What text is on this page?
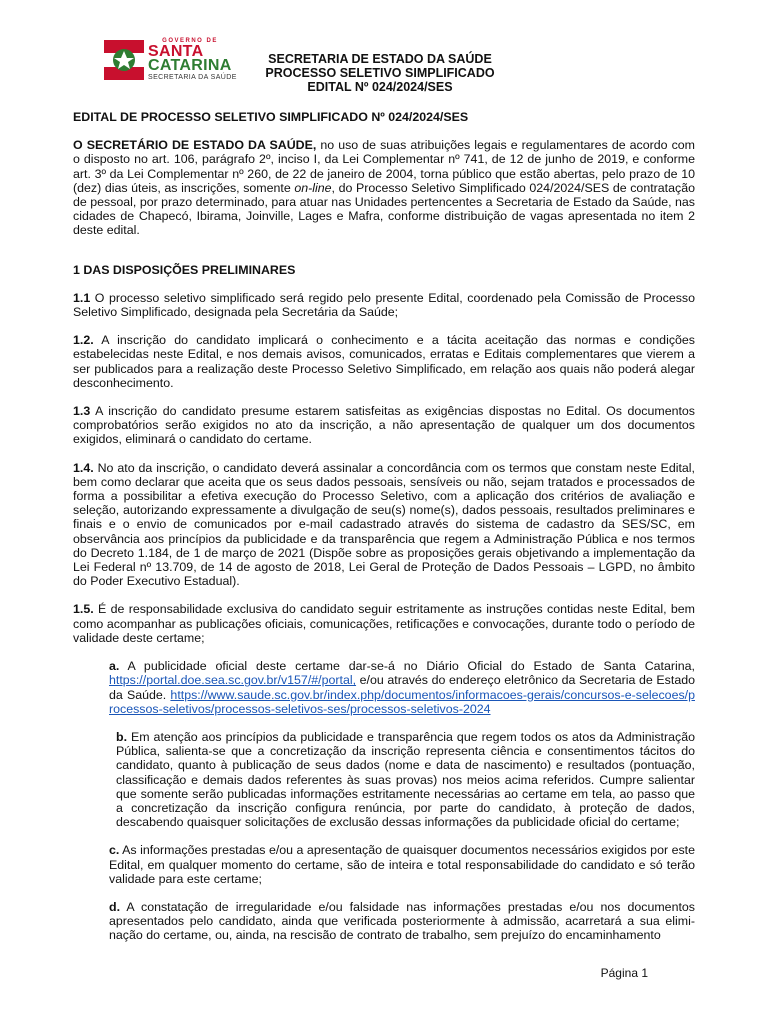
GOVERNO DE
SANTA
CATARINA
SECRETARIA DA SAÚDE
SECRETARIA DE ESTADO DA SAÚDE
PROCESSO SELETIVO SIMPLIFICADO
EDITAL Nº 024/2024/SES

EDITAL DE PROCESSO SELETIVO SIMPLIFICADO Nº 024/2024/SES

O SECRETÁRIO DE ESTADO DA SAÚDE, no uso de suas atribuições legais e regulamentares de acordo com o disposto no art. 106, parágrafo 2º, inciso I, da Lei Complementar nº 741, de 12 de junho de 2019, e conforme art. 3º da Lei Complementar nº 260, de 22 de janeiro de 2004, torna público que estão abertas, pelo prazo de 10 (dez) dias úteis, as inscrições, somente on-line, do Processo Seletivo Simplificado 024/2024/SES de contratação de pessoal, por prazo determinado, para atuar nas Unidades pertencentes a Secretaria de Estado da Saúde, nas cidades de Chapecó, Ibirama, Joinville, Lages e Mafra, conforme distribuição de vagas apresentada no item 2 deste edital.

1 DAS DISPOSIÇÕES PRELIMINARES

1.1 O processo seletivo simplificado será regido pelo presente Edital, coordenado pela Comissão de Processo Seletivo Simplificado, designada pela Secretária da Saúde;

1.2. A inscrição do candidato implicará o conhecimento e a tácita aceitação das normas e condições estabelecidas neste Edital, e nos demais avisos, comunicados, erratas e Editais complementares que vierem a ser publicados para a realização deste Processo Seletivo Simplificado, em relação aos quais não poderá alegar desconhecimento.

1.3 A inscrição do candidato presume estarem satisfeitas as exigências dispostas no Edital. Os documentos comprobatórios serão exigidos no ato da inscrição, a não apresentação de qualquer um dos documentos exigidos, eliminará o candidato do certame.

1.4. No ato da inscrição, o candidato deverá assinalar a concordância com os termos que constam neste Edital, bem como declarar que aceita que os seus dados pessoais, sensíveis ou não, sejam tratados e processados de forma a possibilitar a efetiva execução do Processo Seletivo, com a aplicação dos critérios de avaliação e seleção, autorizando expressamente a divulgação de seu(s) nome(s), dados pessoais, resultados preliminares e finais e o envio de comunicados por e-mail cadastrado através do sistema de cadastro da SES/SC, em observância aos princípios da publicidade e da transparência que regem a Administração Pública e nos termos do Decreto 1.184, de 1 de março de 2021 (Dispõe sobre as proposições gerais objetivando a implementação da Lei Federal nº 13.709, de 14 de agosto de 2018, Lei Geral de Proteção de Dados Pessoais – LGPD, no âmbito do Poder Executivo Estadual).

1.5. É de responsabilidade exclusiva do candidato seguir estritamente as instruções contidas neste Edital, bem como acompanhar as publicações oficiais, comunicações, retificações e convocações, durante todo o período de validade deste certame;

a. A publicidade oficial deste certame dar-se-á no Diário Oficial do Estado de Santa Catarina, https://portal.doe.sea.sc.gov.br/v157/#/portal, e/ou através do endereço eletrônico da Secretaria de Estado da Saúde. https://www.saude.sc.gov.br/index.php/documentos/informacoes-gerais/concursos-e-selecoes/processos-seletivos/processos-seletivos-ses/processos-seletivos-2024

b. Em atenção aos princípios da publicidade e transparência que regem todos os atos da Administração Pública, salienta-se que a concretização da inscrição representa ciência e consentimentos tácitos do candidato, quanto à publicação de seus dados (nome e data de nascimento) e resultados (pontuação, classificação e demais dados referentes às suas provas) nos meios acima referidos. Cumpre salientar que somente serão publicadas informações estritamente necessárias ao certame em tela, ao passo que a concretização da inscrição configura renúncia, por parte do candidato, à proteção de dados, descabendo quaisquer solicitações de exclusão dessas informações da publicidade oficial do certame;

c. As informações prestadas e/ou a apresentação de quaisquer documentos necessários exigidos por este Edital, em qualquer momento do certame, são de inteira e total responsabilidade do candidato e só terão validade para este certame;

d. A constatação de irregularidade e/ou falsidade nas informações prestadas e/ou nos documentos apresentados pelo candidato, ainda que verificada posteriormente à admissão, acarretará a sua eliminação do certame, ou, ainda, na rescisão de contrato de trabalho, sem prejuízo do encaminhamento

Página 1
